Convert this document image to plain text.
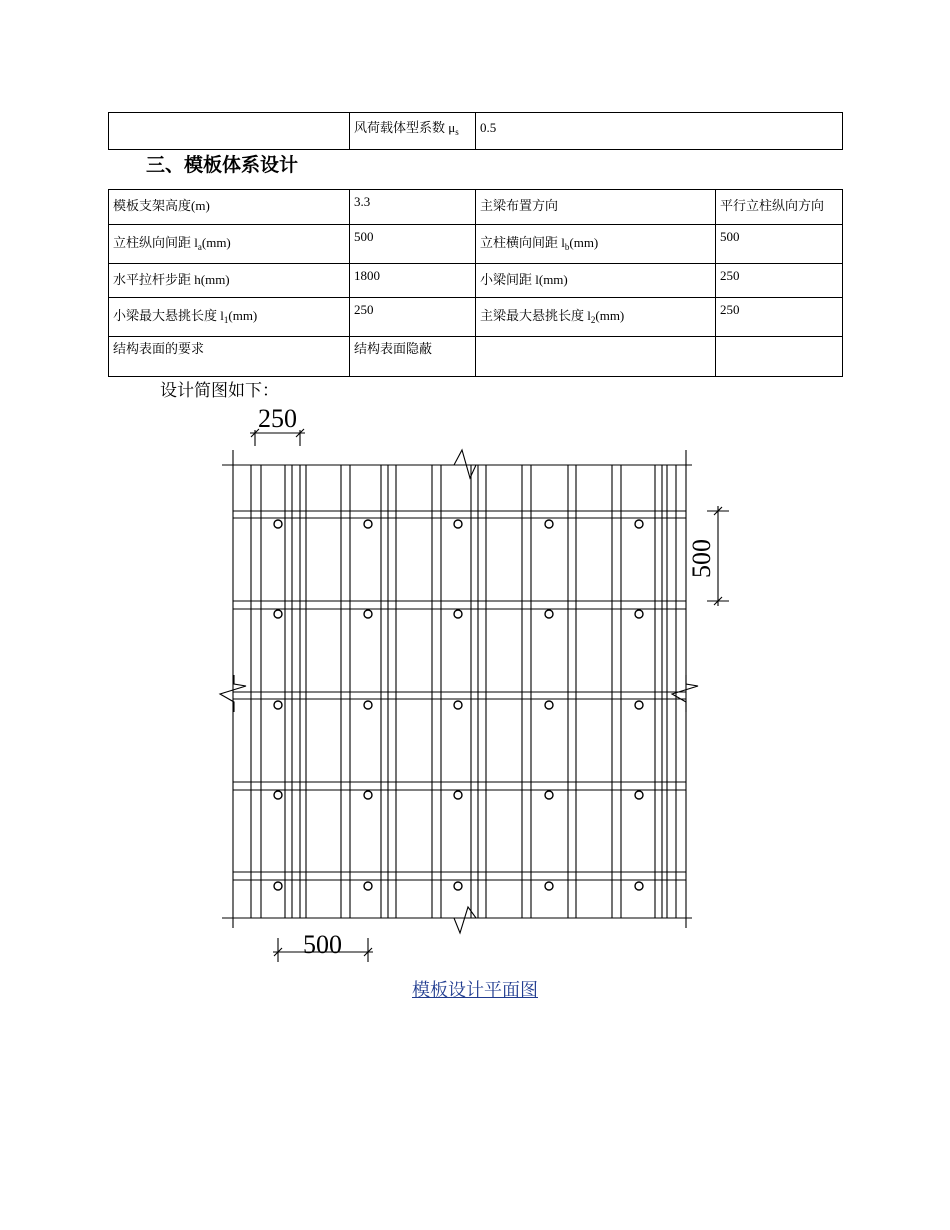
	风荷载体型系数 $\mu_s$	0.5
三、模板体系设计
模板支架高度(m)	3.3	主梁布置方向	平行立柱纵向方向
立柱纵向间距 $l_a(mm)$	500	立柱横向间距 $l_b(mm)$	500
水平拉杆步距 h(mm)	1800	小梁间距 l(mm)	250
小梁最大悬挑长度 $l_1(mm)$	250	主梁最大悬挑长度 $l_2(mm)$	250
结构表面的要求	结构表面隐蔽		

设计简图如下：

250
500
500

模板设计平面图
